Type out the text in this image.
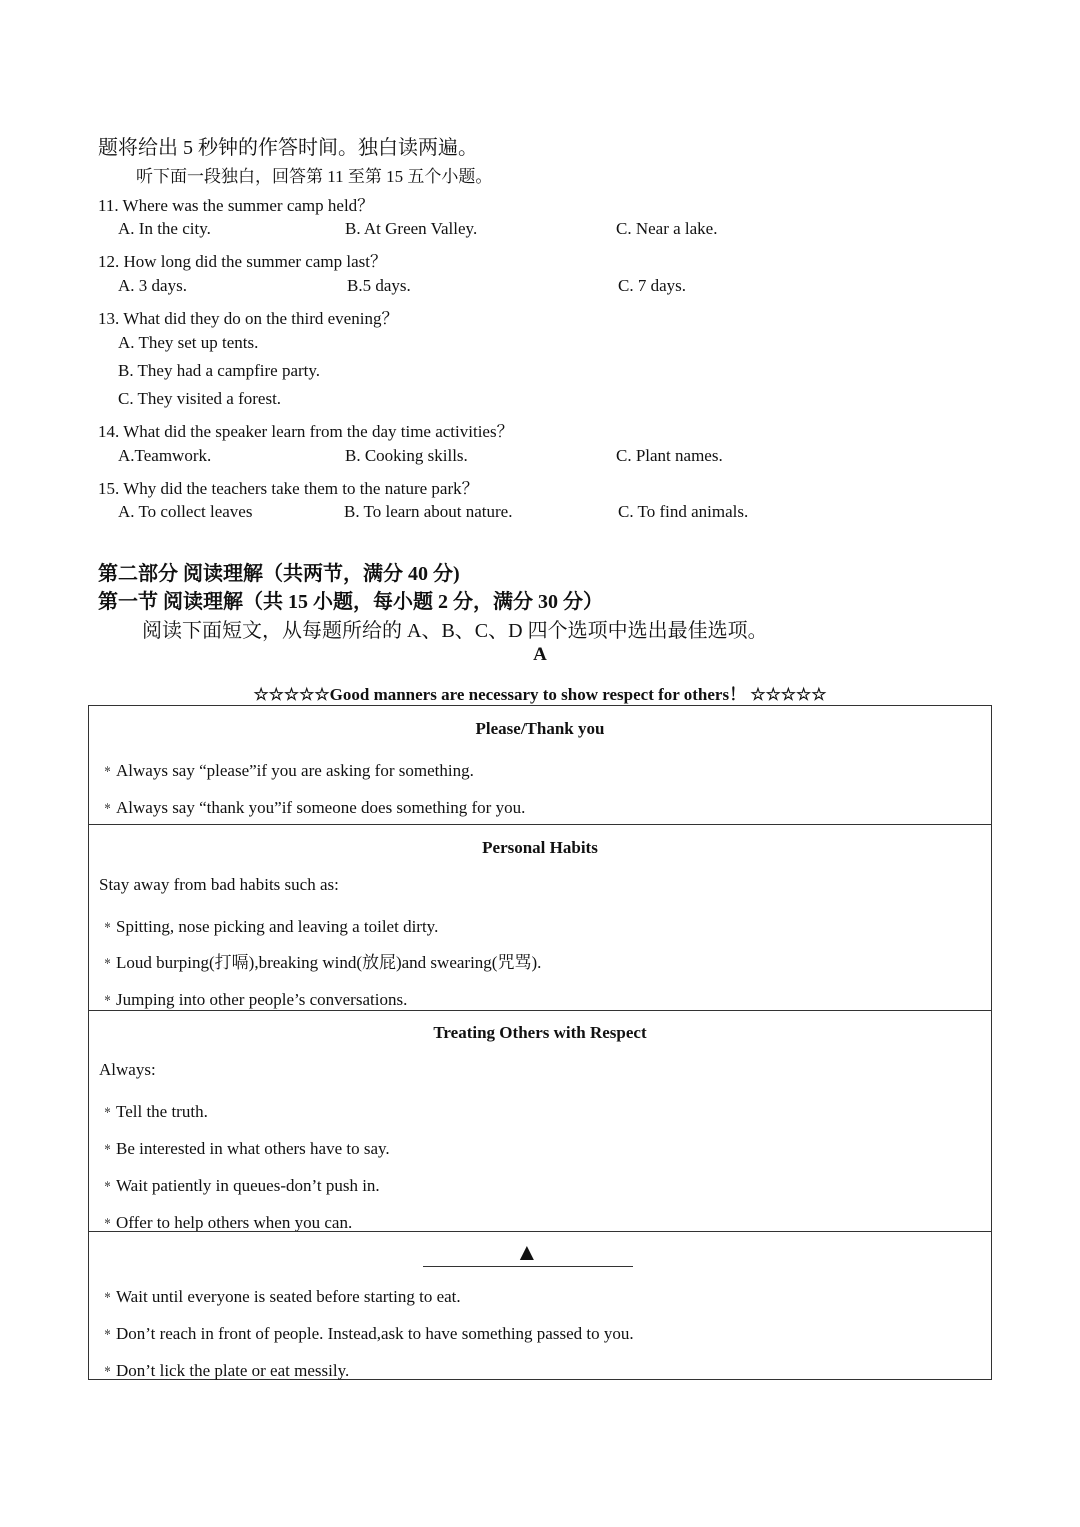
题将给出 5 秒钟的作答时间。独白读两遍。
听下面一段独白，回答第 11 至第 15 五个小题。
11. Where was the summer camp held？
A. In the city.	B. At Green Valley.	C. Near a lake.
12. How long did the summer camp last？
A. 3 days.	B.5 days.	C. 7 days.
13. What did they do on the third evening？
A. They set up tents.
B. They had a campfire party.
C. They visited a forest.
14. What did the speaker learn from the day time activities？
A.Teamwork.	B. Cooking skills.	C. Plant names.
15. Why did the teachers take them to the nature park？
A. To collect leaves	B. To learn about nature.	C. To find animals.
第二部分 阅读理解（共两节，满分 40 分)
第一节 阅读理解（共 15 小题，每小题 2 分，满分 30 分）
阅读下面短文，从每题所给的 A、B、C、D 四个选项中选出最佳选项。
A
☆☆☆☆☆Good manners are necessary to show respect for others！ ☆☆☆☆☆
Please/Thank you
﹡Always say “please”if you are asking for something.
﹡Always say “thank you”if someone does something for you.
Personal Habits
Stay away from bad habits such as:
﹡Spitting, nose picking and leaving a toilet dirty.
﹡Loud burping(打嗝),breaking wind(放屁)and swearing(咒骂).
﹡Jumping into other people’s conversations.
Treating Others with Respect
Always:
﹡Tell the truth.
﹡Be interested in what others have to say.
﹡Wait patiently in queues-don’t push in.
﹡Offer to help others when you can.
▲
﹡Wait until everyone is seated before starting to eat.
﹡Don’t reach in front of people. Instead,ask to have something passed to you.
﹡Don’t lick the plate or eat messily.
